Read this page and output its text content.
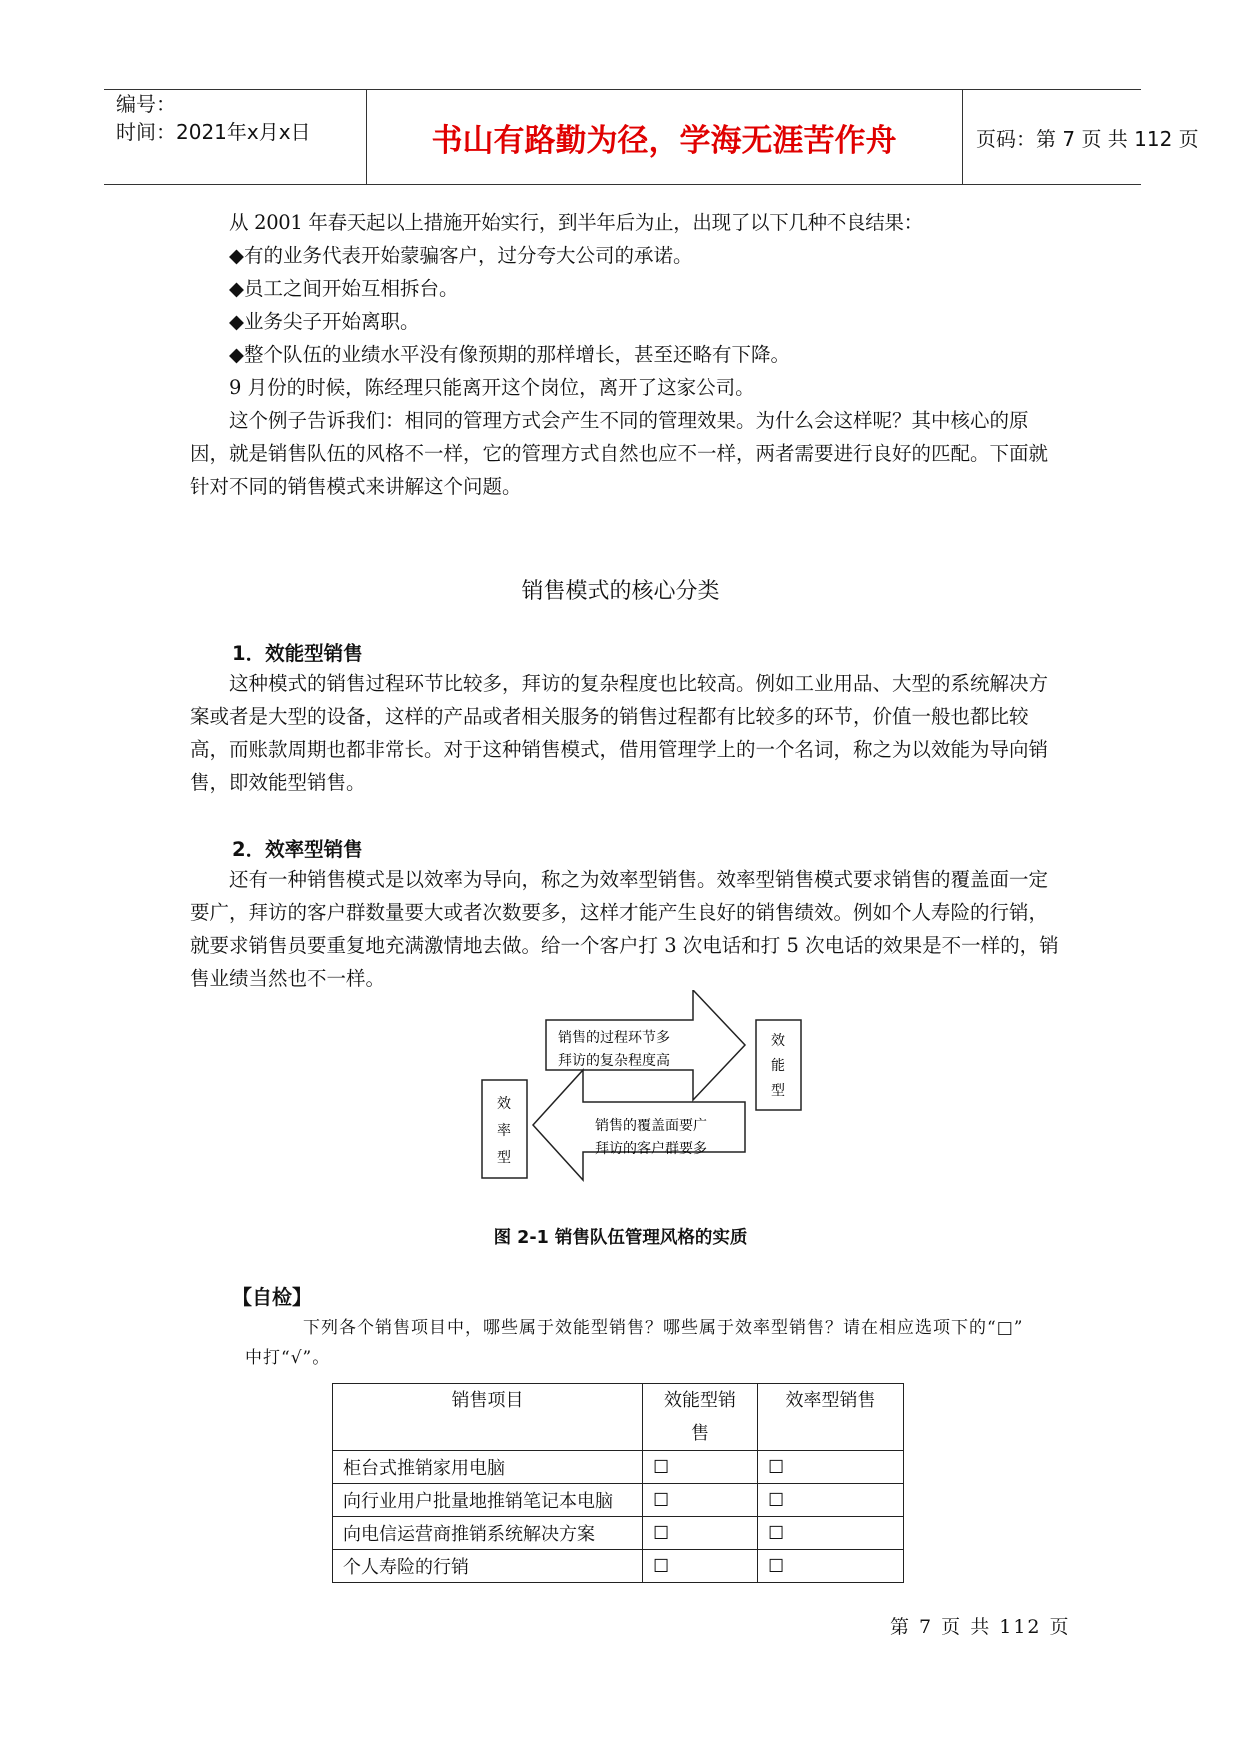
编号：
时间：2021年x月x日	书山有路勤为径，学海无涯苦作舟	页码：第 7 页 共 112 页

从 2001 年春天起以上措施开始实行，到半年后为止，出现了以下几种不良结果：

◆有的业务代表开始蒙骗客户，过分夸大公司的承诺。

◆员工之间开始互相拆台。

◆业务尖子开始离职。

◆整个队伍的业绩水平没有像预期的那样增长，甚至还略有下降。

9 月份的时候，陈经理只能离开这个岗位，离开了这家公司。

这个例子告诉我们：相同的管理方式会产生不同的管理效果。为什么会这样呢？其中核心的原因，就是销售队伍的风格不一样，它的管理方式自然也应不一样，两者需要进行良好的匹配。下面就针对不同的销售模式来讲解这个问题。

销售模式的核心分类
1．效能型销售

这种模式的销售过程环节比较多，拜访的复杂程度也比较高。例如工业用品、大型的系统解决方案或者是大型的设备，这样的产品或者相关服务的销售过程都有比较多的环节，价值一般也都比较高，而账款周期也都非常长。对于这种销售模式，借用管理学上的一个名词，称之为以效能为导向销售，即效能型销售。

2．效率型销售

还有一种销售模式是以效率为导向，称之为效率型销售。效率型销售模式要求销售的覆盖面一定要广，拜访的客户群数量要大或者次数要多，这样才能产生良好的销售绩效。例如个人寿险的行销，就要求销售员要重复地充满激情地去做。给一个客户打 3 次电话和打 5 次电话的效果是不一样的，销售业绩当然也不一样。

销售的过程环节多
拜访的复杂程度高
效
能
型
效
率
型
销售的覆盖面要广
拜访的客户群要多
图 2-1 销售队伍管理风格的实质
【自检】
下列各个销售项目中，哪些属于效能型销售？哪些属于效率型销售？请在相应选项下的“□”
中打“√”。
销售项目	效能型销售	效率型销售
柜台式推销家用电脑	☐	☐
向行业用户批量地推销笔记本电脑	☐	☐
向电信运营商推销系统解决方案	☐	☐
个人寿险的行销	☐	☐
第 7 页 共 112 页
